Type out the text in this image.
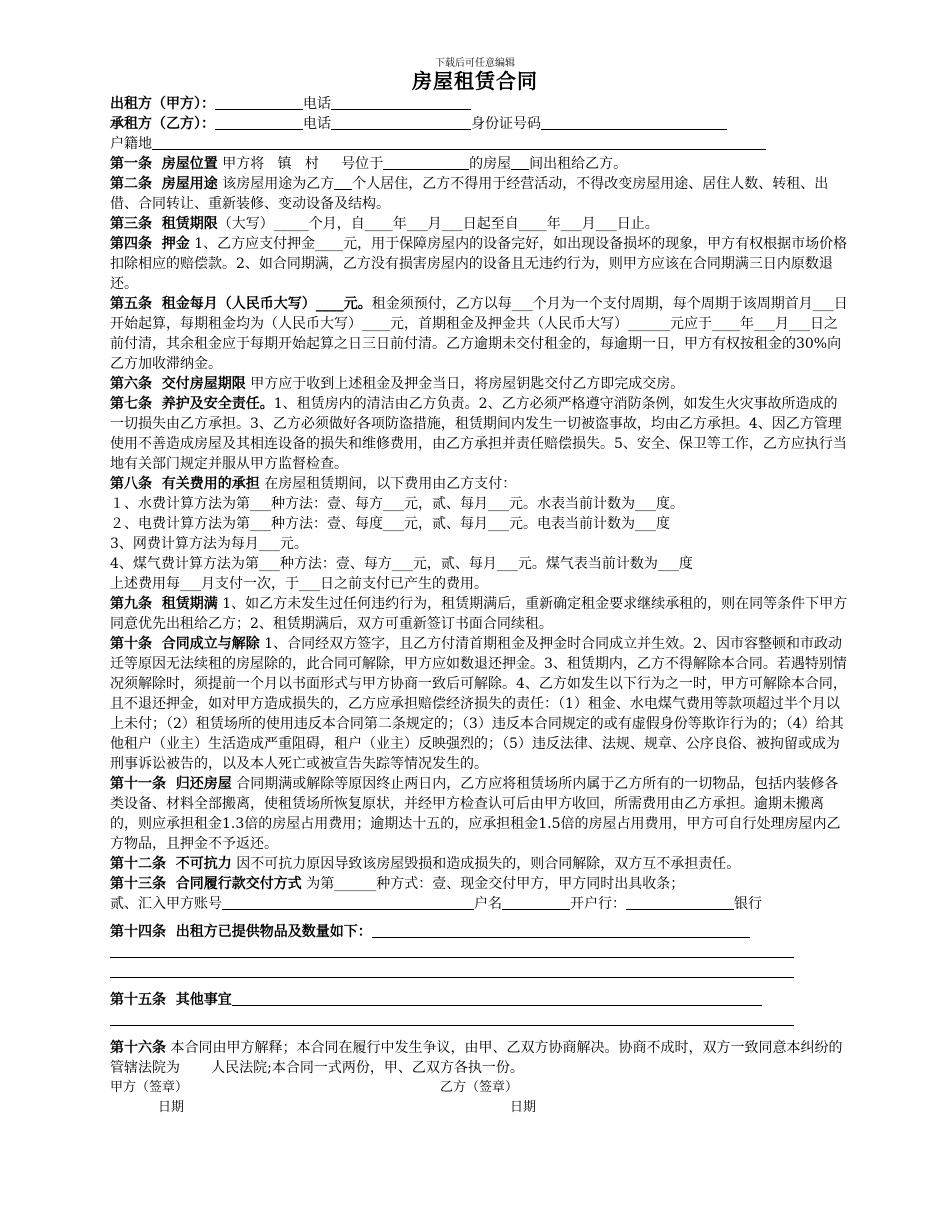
下载后可任意编辑
房屋租赁合同
出租方（甲方）：	电话
承租方（乙方）：	电话	身份证号码
户籍地
第一条  房屋位置 甲方将   镇   村     号位于	的房屋 间出租给乙方。

第二条  房屋用途 该房屋用途为乙方 个人居住，乙方不得用于经营活动，不得改变房屋用途、居住人数、转租、出借、合同转让、重新装修、变动设备及结构。

第三条  租赁期限（大写）_____个月，自____年___月___日起至自____年___月___日止。

第四条  押金 1、乙方应支付押金____元，用于保障房屋内的设备完好，如出现设备损坏的现象，甲方有权根据市场价格扣除相应的赔偿款。2、如合同期满，乙方没有损害房屋内的设备且无违约行为，则甲方应该在合同期满三日内原数退还。

第五条  租金每月（人民币大写）____元。租金须预付，乙方以每___个月为一个支付周期，每个周期于该周期首月___日开始起算，每期租金均为（人民币大写）____元，首期租金及押金共（人民币大写）______元应于____年___月___日之前付清，其余租金应于每期开始起算之日三日前付清。乙方逾期未交付租金的，每逾期一日，甲方有权按租金的30%向乙方加收滞纳金。

第六条  交付房屋期限 甲方应于收到上述租金及押金当日，将房屋钥匙交付乙方即完成交房。

第七条  养护及安全责任。1、租赁房内的清洁由乙方负责。2、乙方必须严格遵守消防条例，如发生火灾事故所造成的一切损失由乙方承担。3、乙方必须做好各项防盗措施，租赁期间内发生一切被盗事故，均由乙方承担。4、因乙方管理使用不善造成房屋及其相连设备的损失和维修费用，由乙方承担并责任赔偿损失。5、安全、保卫等工作，乙方应执行当地有关部门规定并服从甲方监督检查。

第八条  有关费用的承担 在房屋租赁期间，以下费用由乙方支付：

１、水费计算方法为第___种方法：壹、每方___元，贰、每月___元。水表当前计数为___度。
２、电费计算方法为第___种方法：壹、每度___元，贰、每月___元。电表当前计数为___度
3、网费计算方法为每月___元。
4、煤气费计算方法为第___种方法：壹、每方___元，贰、每月___元。煤气表当前计数为___度
上述费用每___月支付一次，于___日之前支付已产生的费用。

第九条  租赁期满 1、如乙方未发生过任何违约行为，租赁期满后，重新确定租金要求继续承租的，则在同等条件下甲方同意优先出租给乙方；2、租赁期满后，双方可重新签订书面合同续租。

第十条  合同成立与解除 1、合同经双方签字，且乙方付清首期租金及押金时合同成立并生效。2、因市容整顿和市政动迁等原因无法续租的房屋除的，此合同可解除，甲方应如数退还押金。3、租赁期内，乙方不得解除本合同。若遇特别情况须解除时，须提前一个月以书面形式与甲方协商一致后可解除。4、乙方如发生以下行为之一时，甲方可解除本合同，且不退还押金，如对甲方造成损失的，乙方应承担赔偿经济损失的责任：（1）租金、水电煤气费用等款项超过半个月以上未付；（2）租赁场所的使用违反本合同第二条规定的；（3）违反本合同规定的或有虚假身份等欺诈行为的；（4）给其他租户（业主）生活造成严重阻碍，租户（业主）反映强烈的；（5）违反法律、法规、规章、公序良俗、被拘留或成为刑事诉讼被告的，以及本人死亡或被宣告失踪等情况发生的。

第十一条  归还房屋 合同期满或解除等原因终止两日内，乙方应将租赁场所内属于乙方所有的一切物品，包括内装修各类设备、材料全部搬离，使租赁场所恢复原状，并经甲方检查认可后由甲方收回，所需费用由乙方承担。逾期未搬离的，则应承担租金1.3倍的房屋占用费用；逾期达十五的，应承担租金1.5倍的房屋占用费用，甲方可自行处理房屋内乙方物品，且押金不予返还。

第十二条  不可抗力 因不可抗力原因导致该房屋毁损和造成损失的，则合同解除，双方互不承担责任。

第十三条  合同履行款交付方式 为第______种方式：壹、现金交付甲方，甲方同时出具收条；

贰、汇入甲方账号	户名	开户行：	银行
第十四条  出租方已提供物品及数量如下：
第十五条  其他事宜

第十六条 本合同由甲方解释；本合同在履行中发生争议，由甲、乙双方协商解决。协商不成时，双方一致同意本纠纷的管辖法院为       人民法院;本合同一式两份，甲、乙双方各执一份。

甲方（签章）	乙方（签章）
日期	日期
